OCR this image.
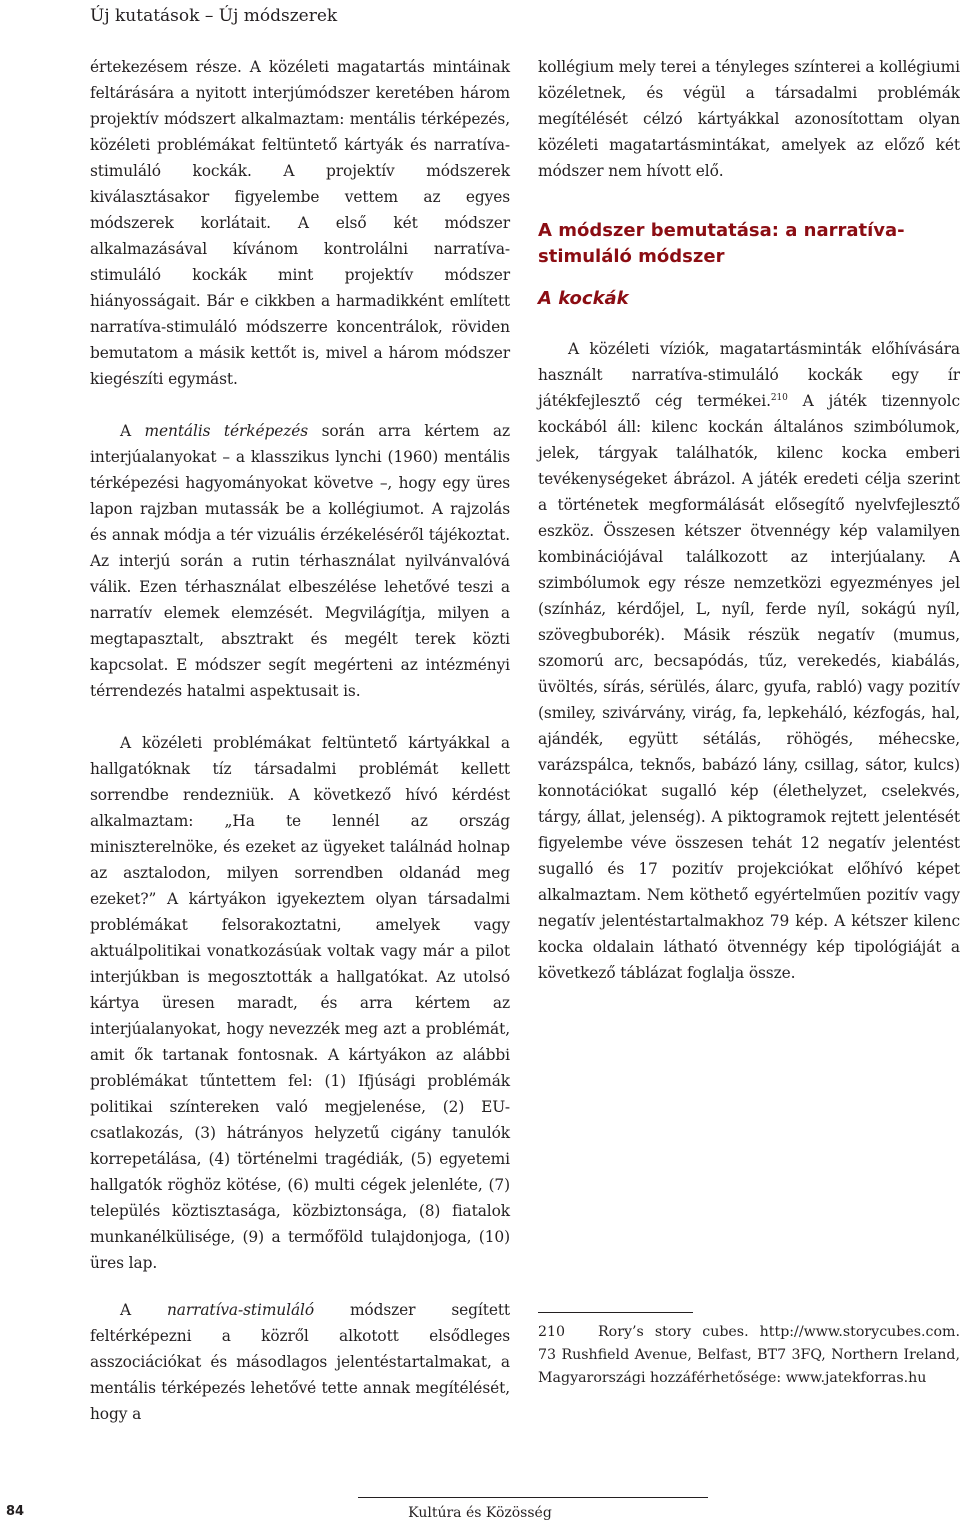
Új kutatások – Új módszerek

értekezésem része. A közéleti magatartás mintáinak feltárására a nyitott interjúmódszer keretében három projektív módszert alkalmaztam: mentális térképezés, közéleti problémákat feltüntető kártyák és narratíva-stimuláló kockák. A projektív módszerek kiválasztásakor figyelembe vettem az egyes módszerek korlátait. A első két módszer alkalmazásával kívánom kontrolálni narratíva-stimuláló kockák mint projektív módszer hiányosságait. Bár e cikkben a harmadikként említett narratíva-stimuláló módszerre koncentrálok, röviden bemutatom a másik kettőt is, mivel a három módszer kiegészíti egymást.

A mentális térképezés során arra kértem az interjúalanyokat – a klasszikus lynchi (1960) mentális térképezési hagyományokat követve –, hogy egy üres lapon rajzban mutassák be a kollégiumot. A rajzolás és annak módja a tér vizuális érzékeléséről tájékoztat. Az interjú során a rutin térhasználat nyilvánvalóvá válik. Ezen térhasználat elbeszélése lehetővé teszi a narratív elemek elemzését. Megvilágítja, milyen a megtapasztalt, absztrakt és megélt terek közti kapcsolat. E módszer segít megérteni az intézményi térrendezés hatalmi aspektusait is.

A közéleti problémákat feltüntető kártyákkal a hallgatóknak tíz társadalmi problémát kellett sorrendbe rendezniük. A következő hívó kérdést alkalmaztam: „Ha te lennél az ország miniszterelnöke, és ezeket az ügyeket találnád holnap az asztalodon, milyen sorrendben oldanád meg ezeket?” A kártyákon igyekeztem olyan társadalmi problémákat felsorakoztatni, amelyek vagy aktuálpolitikai vonatkozásúak voltak vagy már a pilot interjúkban is megosztották a hallgatókat. Az utolsó kártya üresen maradt, és arra kértem az interjúalanyokat, hogy nevezzék meg azt a problémát, amit ők tartanak fontosnak. A kártyákon az alábbi problémákat tűntettem fel: (1) Ifjúsági problémák politikai színtereken való megjelenése, (2) EU-csatlakozás, (3) hátrányos helyzetű cigány tanulók korrepetálása, (4) történelmi tragédiák, (5) egyetemi hallgatók röghöz kötése, (6) multi cégek jelenléte, (7) település köztisztasága, közbiztonsága, (8) fiatalok munkanélkülisége, (9) a termőföld tulajdonjoga, (10) üres lap.

A narratíva-stimuláló módszer segített feltérképezni a közről alkotott elsődleges asszociációkat és másodlagos jelentéstartalmakat, a mentális térképezés lehetővé tette annak megítélését, hogy a

kollégium mely terei a tényleges színterei a kollégiumi közéletnek, és végül a társadalmi problémák megítélését célzó kártyákkal azonosítottam olyan közéleti magatartásmintákat, amelyek az előző két módszer nem hívott elő.

A módszer bemutatása: a narratíva-stimuláló módszer
A kockák

A közéleti víziók, magatartásminták előhívására használt narratíva-stimuláló kockák egy ír játékfejlesztő cég termékei.$^{210}$ A játék tizennyolc kockából áll: kilenc kockán általános szimbólumok, jelek, tárgyak találhatók, kilenc kocka emberi tevékenységeket ábrázol. A játék eredeti célja szerint a történetek megformálását elősegítő nyelvfejlesztő eszköz. Összesen kétszer ötvennégy kép valamilyen kombinációjával találkozott az interjúalany. A szimbólumok egy része nemzetközi egyezményes jel (színház, kérdőjel, L, nyíl, ferde nyíl, sokágú nyíl, szövegbuborék). Másik részük negatív (mumus, szomorú arc, becsapódás, tűz, verekedés, kiabálás, üvöltés, sírás, sérülés, álarc, gyufa, rabló) vagy pozitív (smiley, szivárvány, virág, fa, lepkeháló, kézfogás, hal, ajándék, együtt sétálás, röhögés, méhecske, varázspálca, teknős, babázó lány, csillag, sátor, kulcs) konnotációkat sugalló kép (élethelyzet, cselekvés, tárgy, állat, jelenség). A piktogramok rejtett jelentését figyelembe véve összesen tehát 12 negatív jelentést sugalló és 17 pozitív projekciókat előhívó képet alkalmaztam. Nem köthető egyértelműen pozitív vagy negatív jelentéstartalmakhoz 79 kép. A kétszer kilenc kocka oldalain látható ötvennégy kép tipológiáját a következő táblázat foglalja össze.

210 Rory’s story cubes. http://www.storycubes.com. 73 Rushfield Avenue, Belfast, BT7 3FQ, Northern Ireland, Magyarországi hozzáférhetősége: www.jatekforras.hu
84	Kultúra és Közösség
